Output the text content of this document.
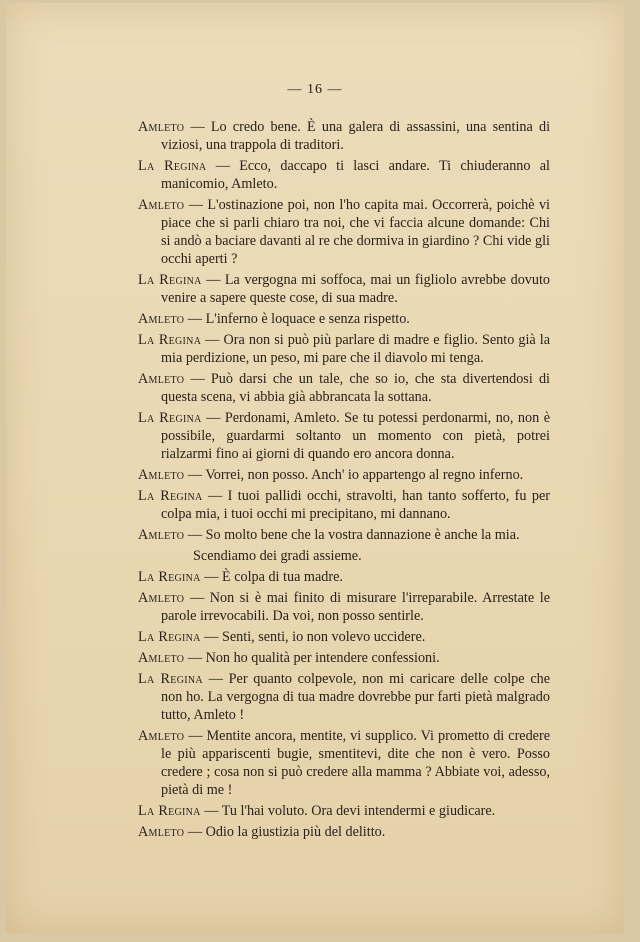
— 16 —

Amleto — Lo credo bene. È una galera di assassini, una sentina di viziosi, una trappola di traditori.

La Regina — Ecco, daccapo ti lasci andare. Ti chiuderanno al manicomio, Amleto.

Amleto — L'ostinazione poi, non l'ho capita mai. Occorrerà, poichè vi piace che si parli chiaro tra noi, che vi faccia alcune domande: Chi si andò a baciare davanti al re che dormiva in giardino ? Chi vide gli occhi aperti ?

La Regina — La vergogna mi soffoca, mai un figliolo avrebbe dovuto venire a sapere queste cose, di sua madre.

Amleto — L'inferno è loquace e senza rispetto.

La Regina — Ora non si può più parlare di madre e figlio. Sento già la mia perdizione, un peso, mi pare che il diavolo mi tenga.

Amleto — Può darsi che un tale, che so io, che sta divertendosi di questa scena, vi abbia già abbrancata la sottana.

La Regina — Perdonami, Amleto. Se tu potessi perdonarmi, no, non è possibile, guardarmi soltanto un momento con pietà, potrei rialzarmi fino ai giorni di quando ero ancora donna.

Amleto — Vorrei, non posso. Anch' io appartengo al regno inferno.

La Regina — I tuoi pallidi occhi, stravolti, han tanto sofferto, fu per colpa mia, i tuoi occhi mi precipitano, mi dannano.

Amleto — So molto bene che la vostra dannazione è anche la mia.

Scendiamo dei gradi assieme.

La Regina — È colpa di tua madre.

Amleto — Non si è mai finito di misurare l'irreparabile. Arrestate le parole irrevocabili. Da voi, non posso sentirle.

La Regina — Senti, senti, io non volevo uccidere.

Amleto — Non ho qualità per intendere confessioni.

La Regina — Per quanto colpevole, non mi caricare delle colpe che non ho. La vergogna di tua madre dovrebbe pur farti pietà malgrado tutto, Amleto !

Amleto — Mentite ancora, mentite, vi supplico. Vi prometto di credere le più appariscenti bugie, smentitevi, dite che non è vero. Posso credere ; cosa non si può credere alla mamma ? Abbiate voi, adesso, pietà di me !

La Regina — Tu l'hai voluto. Ora devi intendermi e giudicare.

Amleto — Odio la giustizia più del delitto.
